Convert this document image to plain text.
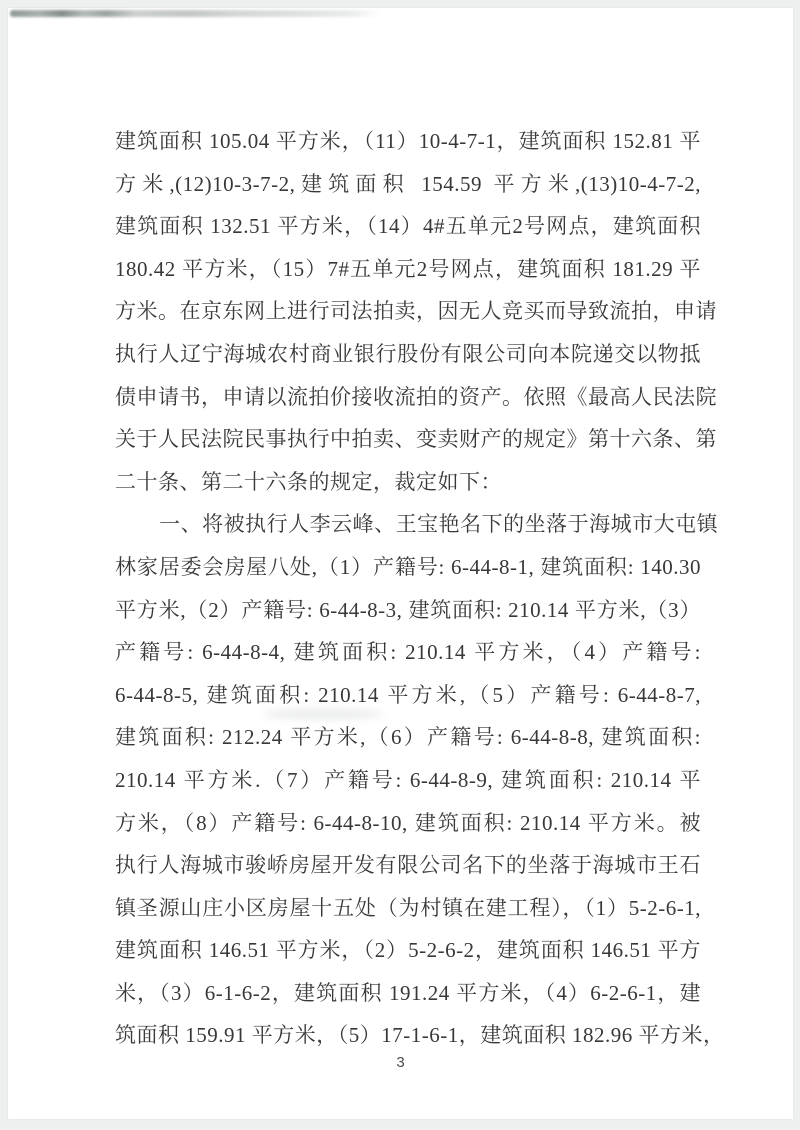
建筑面积 105.04 平方米，（11）10-4-7-1，建筑面积 152.81 平

方米,(12)10-3-7-2,建筑面积 154.59 平方米,(13)10-4-7-2,

建筑面积 132.51 平方米，（14）4#五单元2号网点，建筑面积

180.42 平方米，（15）7#五单元2号网点，建筑面积 181.29 平

方米。在京东网上进行司法拍卖，因无人竞买而导致流拍，申请

执行人辽宁海城农村商业银行股份有限公司向本院递交以物抵

债申请书，申请以流拍价接收流拍的资产。依照《最高人民法院

关于人民法院民事执行中拍卖、变卖财产的规定》第十六条、第

二十条、第二十六条的规定，裁定如下：

一、将被执行人李云峰、王宝艳名下的坐落于海城市大屯镇

林家居委会房屋八处,（1）产籍号: 6-44-8-1, 建筑面积: 140.30

平方米,（2）产籍号: 6-44-8-3, 建筑面积: 210.14 平方米,（3）

产籍号: 6-44-8-4, 建筑面积: 210.14 平方米，（4）产籍号:

6-44-8-5, 建筑面积: 210.14 平方米,（5）产籍号: 6-44-8-7,

建筑面积: 212.24 平方米,（6）产籍号: 6-44-8-8, 建筑面积:

210.14 平方米.（7）产籍号: 6-44-8-9, 建筑面积: 210.14 平

方米，（8）产籍号: 6-44-8-10, 建筑面积: 210.14 平方米。被

执行人海城市骏峤房屋开发有限公司名下的坐落于海城市王石

镇圣源山庄小区房屋十五处（为村镇在建工程），（1）5-2-6-1,

建筑面积 146.51 平方米，（2）5-2-6-2，建筑面积 146.51 平方

米，（3）6-1-6-2，建筑面积 191.24 平方米，（4）6-2-6-1，建

筑面积 159.91 平方米，（5）17-1-6-1，建筑面积 182.96 平方米，

3
